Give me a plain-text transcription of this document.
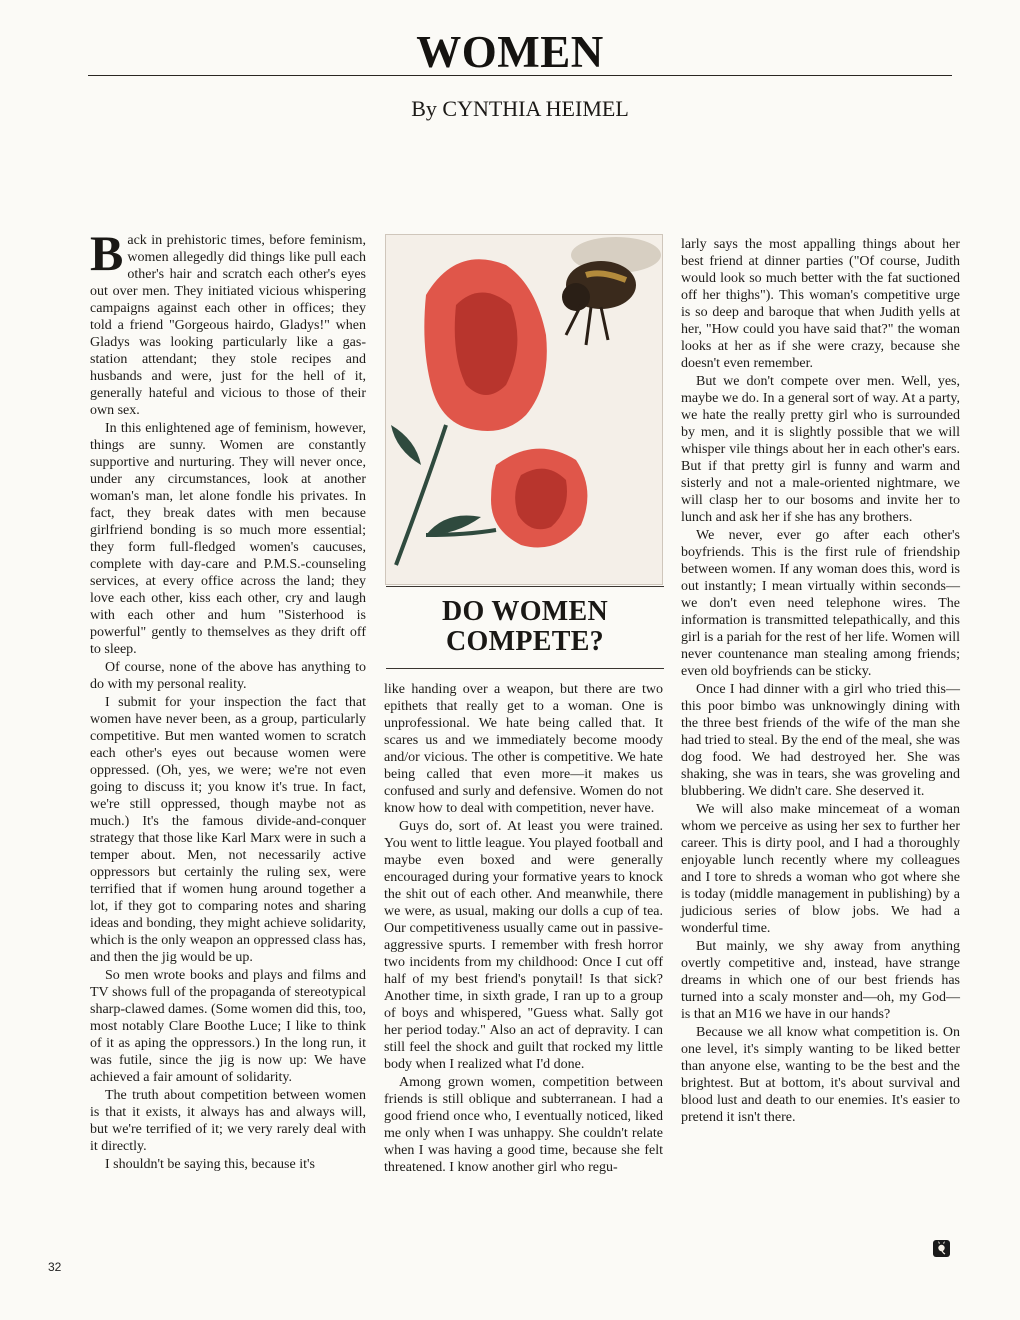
WOMEN
By CYNTHIA HEIMEL

Back in prehistoric times, before feminism, women allegedly did things like pull each other's hair and scratch each other's eyes out over men. They initiated vicious whispering campaigns against each other in offices; they told a friend "Gorgeous hairdo, Gladys!" when Gladys was looking particularly like a gas-station attendant; they stole recipes and husbands and were, just for the hell of it, generally hateful and vicious to those of their own sex.

In this enlightened age of feminism, however, things are sunny. Women are constantly supportive and nurturing. They will never once, under any circumstances, look at another woman's man, let alone fondle his privates. In fact, they break dates with men because girlfriend bonding is so much more essential; they form full-fledged women's caucuses, complete with day-care and P.M.S.-counseling services, at every office across the land; they love each other, kiss each other, cry and laugh with each other and hum "Sisterhood is powerful" gently to themselves as they drift off to sleep.

Of course, none of the above has anything to do with my personal reality.

I submit for your inspection the fact that women have never been, as a group, particularly competitive. But men wanted women to scratch each other's eyes out because women were oppressed. (Oh, yes, we were; we're not even going to discuss it; you know it's true. In fact, we're still oppressed, though maybe not as much.) It's the famous divide-and-conquer strategy that those like Karl Marx were in such a temper about. Men, not necessarily active oppressors but certainly the ruling sex, were terrified that if women hung around together a lot, if they got to comparing notes and sharing ideas and bonding, they might achieve solidarity, which is the only weapon an oppressed class has, and then the jig would be up.

So men wrote books and plays and films and TV shows full of the propaganda of stereotypical sharp-clawed dames. (Some women did this, too, most notably Clare Boothe Luce; I like to think of it as aping the oppressors.) In the long run, it was futile, since the jig is now up: We have achieved a fair amount of solidarity.

The truth about competition between women is that it exists, it always has and always will, but we're terrified of it; we very rarely deal with it directly.

I shouldn't be saying this, because it's

DO WOMEN
COMPETE?

like handing over a weapon, but there are two epithets that really get to a woman. One is unprofessional. We hate being called that. It scares us and we immediately become moody and/or vicious. The other is competitive. We hate being called that even more—it makes us confused and surly and defensive. Women do not know how to deal with competition, never have.

Guys do, sort of. At least you were trained. You went to little league. You played football and maybe even boxed and were generally encouraged during your formative years to knock the shit out of each other. And meanwhile, there we were, as usual, making our dolls a cup of tea. Our competitiveness usually came out in passive-aggressive spurts. I remember with fresh horror two incidents from my childhood: Once I cut off half of my best friend's ponytail! Is that sick? Another time, in sixth grade, I ran up to a group of boys and whispered, "Guess what. Sally got her period today." Also an act of depravity. I can still feel the shock and guilt that rocked my little body when I realized what I'd done.

Among grown women, competition between friends is still oblique and subterranean. I had a good friend once who, I eventually noticed, liked me only when I was unhappy. She couldn't relate when I was having a good time, because she felt threatened. I know another girl who regu-

larly says the most appalling things about her best friend at dinner parties ("Of course, Judith would look so much better with the fat suctioned off her thighs"). This woman's competitive urge is so deep and baroque that when Judith yells at her, "How could you have said that?" the woman looks at her as if she were crazy, because she doesn't even remember.

But we don't compete over men. Well, yes, maybe we do. In a general sort of way. At a party, we hate the really pretty girl who is surrounded by men, and it is slightly possible that we will whisper vile things about her in each other's ears. But if that pretty girl is funny and warm and sisterly and not a male-oriented nightmare, we will clasp her to our bosoms and invite her to lunch and ask her if she has any brothers.

We never, ever go after each other's boyfriends. This is the first rule of friendship between women. If any woman does this, word is out instantly; I mean virtually within seconds—we don't even need telephone wires. The information is transmitted telepathically, and this girl is a pariah for the rest of her life. Women will never countenance man stealing among friends; even old boyfriends can be sticky.

Once I had dinner with a girl who tried this—this poor bimbo was unknowingly dining with the three best friends of the wife of the man she had tried to steal. By the end of the meal, she was dog food. We had destroyed her. She was shaking, she was in tears, she was groveling and blubbering. We didn't care. She deserved it.

We will also make mincemeat of a woman whom we perceive as using her sex to further her career. This is dirty pool, and I had a thoroughly enjoyable lunch recently where my colleagues and I tore to shreds a woman who got where she is today (middle management in publishing) by a judicious series of blow jobs. We had a wonderful time.

But mainly, we shy away from anything overtly competitive and, instead, have strange dreams in which one of our best friends has turned into a scaly monster and—oh, my God—is that an M16 we have in our hands?

Because we all know what competition is. On one level, it's simply wanting to be liked better than anyone else, wanting to be the best and the brightest. But at bottom, it's about survival and blood lust and death to our enemies. It's easier to pretend it isn't there.

32
